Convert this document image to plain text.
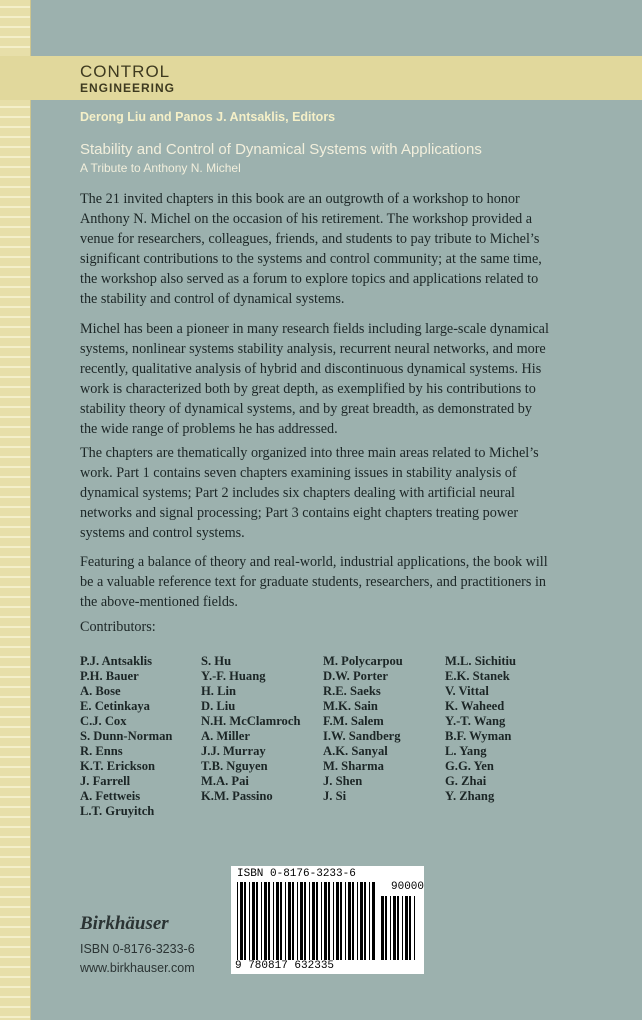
CONTROL
ENGINEERING
Derong Liu and Panos J. Antsaklis, Editors
Stability and Control of Dynamical Systems with Applications
A Tribute to Anthony N. Michel

The 21 invited chapters in this book are an outgrowth of a workshop to honor Anthony N. Michel on the occasion of his retirement. The workshop provided a venue for researchers, colleagues, friends, and students to pay tribute to Michel’s significant contributions to the systems and control community; at the same time, the workshop also served as a forum to explore topics and applications related to the stability and control of dynamical systems.

Michel has been a pioneer in many research fields including large-scale dynamical systems, nonlinear systems stability analysis, recurrent neural networks, and more recently, qualitative analysis of hybrid and discontinuous dynamical systems. His work is characterized both by great depth, as exemplified by his contributions to stability theory of dynamical systems, and by great breadth, as demonstrated by the wide range of problems he has addressed.

The chapters are thematically organized into three main areas related to Michel’s work. Part 1 contains seven chapters examining issues in stability analysis of dynamical systems; Part 2 includes six chapters dealing with artificial neural networks and signal processing; Part 3 contains eight chapters treating power systems and control systems.

Featuring a balance of theory and real-world, industrial applications, the book will be a valuable reference text for graduate students, researchers, and practitioners in the above-mentioned fields.

Contributors:
P.J. Antsaklis
P.H. Bauer
A. Bose
E. Cetinkaya
C.J. Cox
S. Dunn-Norman
R. Enns
K.T. Erickson
J. Farrell
A. Fettweis
L.T. Gruyitch
S. Hu
Y.-F. Huang
H. Lin
D. Liu
N.H. McClamroch
A. Miller
J.J. Murray
T.B. Nguyen
M.A. Pai
K.M. Passino
M. Polycarpou
D.W. Porter
R.E. Saeks
M.K. Sain
F.M. Salem
I.W. Sandberg
A.K. Sanyal
M. Sharma
J. Shen
J. Si
M.L. Sichitiu
E.K. Stanek
V. Vittal
K. Waheed
Y.-T. Wang
B.F. Wyman
L. Yang
G.G. Yen
G. Zhai
Y. Zhang
Birkhäuser
ISBN 0-8176-3233-6
www.birkhauser.com
ISBN 0-8176-3233-6
90000
9 780817 632335
